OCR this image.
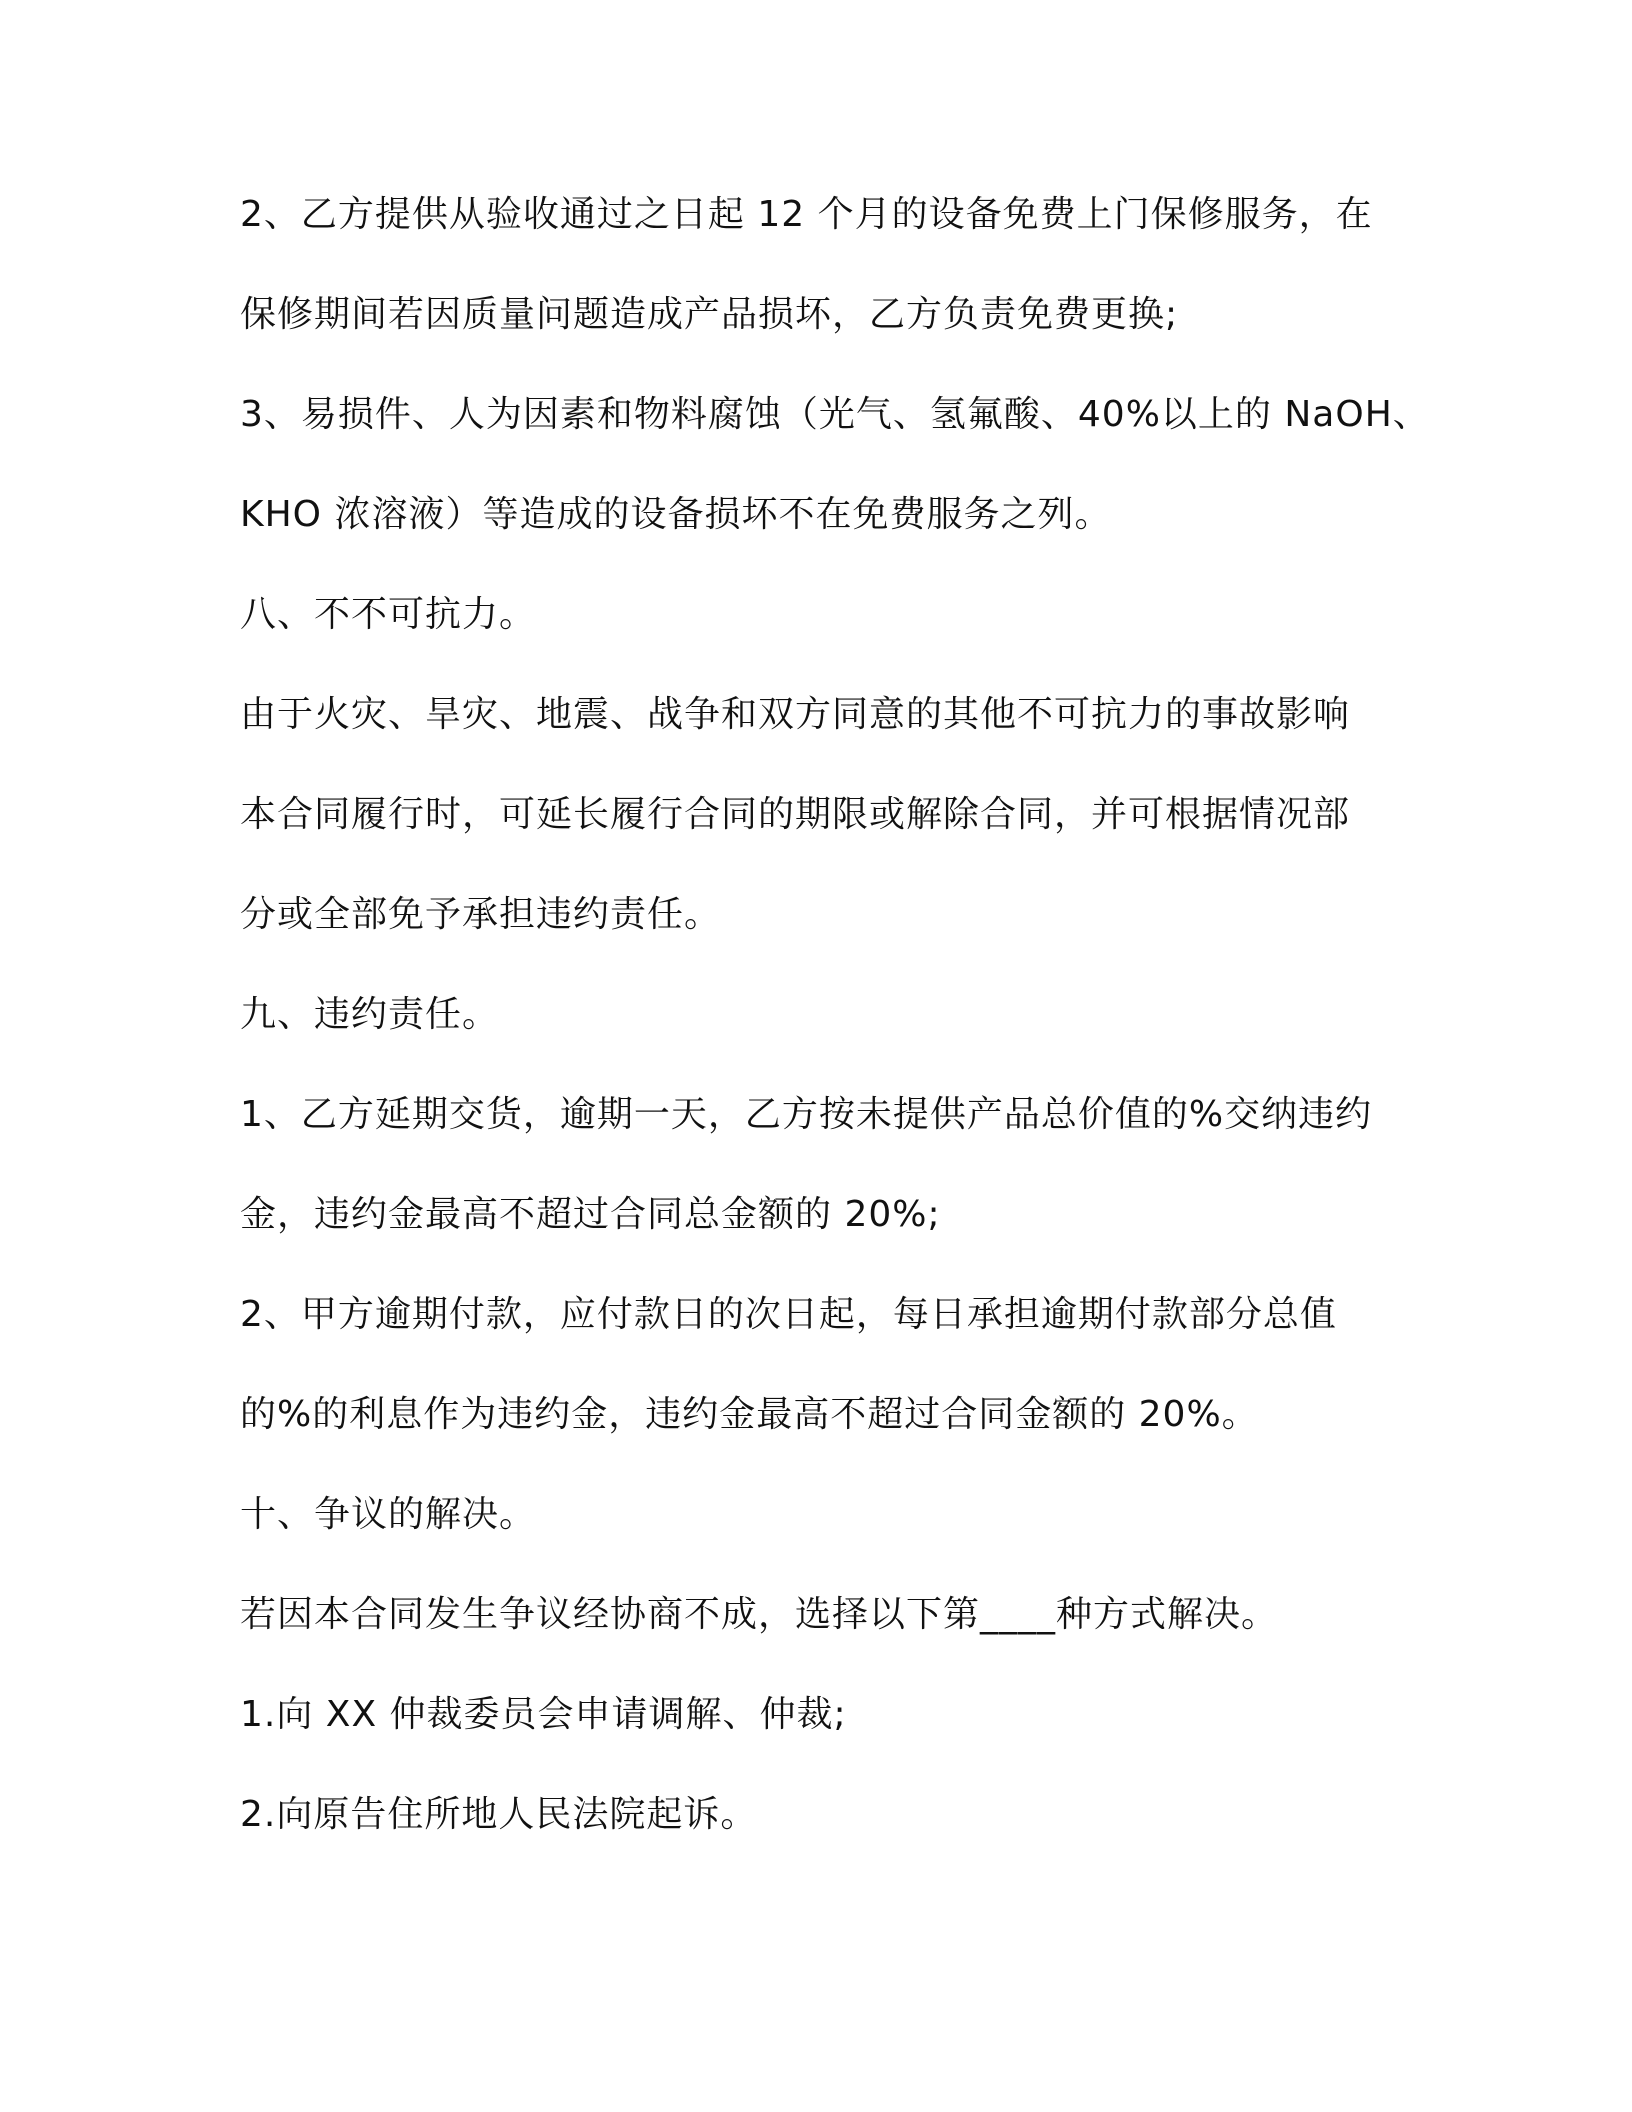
2、乙方提供从验收通过之日起 12 个月的设备免费上门保修服务，在

保修期间若因质量问题造成产品损坏，乙方负责免费更换;

3、易损件、人为因素和物料腐蚀（光气、氢氟酸、40%以上的 NaOH、

KHO 浓溶液）等造成的设备损坏不在免费服务之列。

八、不不可抗力。

由于火灾、旱灾、地震、战争和双方同意的其他不可抗力的事故影响

本合同履行时，可延长履行合同的期限或解除合同，并可根据情况部

分或全部免予承担违约责任。

九、违约责任。

1、乙方延期交货，逾期一天，乙方按未提供产品总价值的%交纳违约

金，违约金最高不超过合同总金额的 20%;

2、甲方逾期付款，应付款日的次日起，每日承担逾期付款部分总值

的%的利息作为违约金，违约金最高不超过合同金额的 20%。

十、争议的解决。

若因本合同发生争议经协商不成，选择以下第____种方式解决。

1.向 XX 仲裁委员会申请调解、仲裁;

2.向原告住所地人民法院起诉。
